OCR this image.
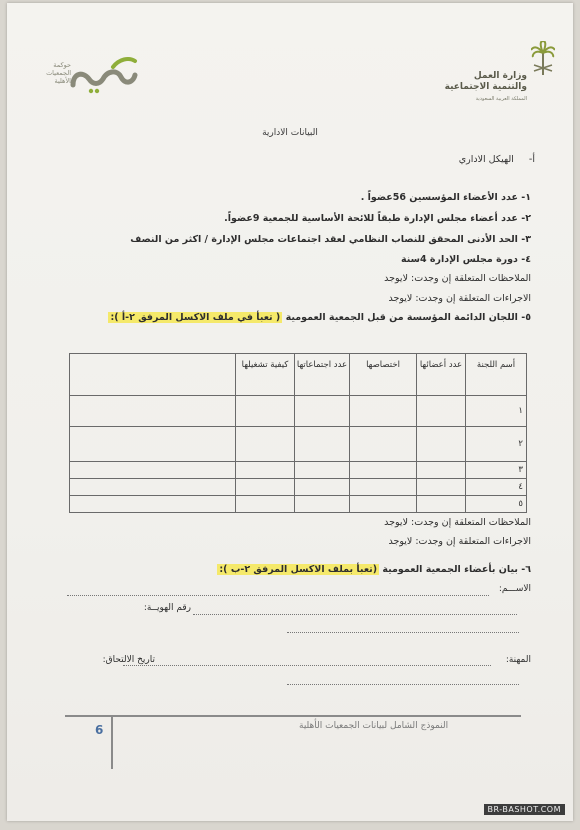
وزارة العمل
والتنمية الاجتماعية
المملكة العربية السعودية
حوكمة الجمعيات الأهلية
البيانات الادارية
أ- الهيكل الاداري
١- عدد الأعضاء المؤسسين 56عضواً .
٢- عدد أعضاء مجلس الإدارة طبقاً للائحة الأساسية للجمعية 9عضواً.
٣- الحد الأدنى المحقق للنصاب النظامي لعقد اجتماعات مجلس الإدارة / اكثر من النصف
٤- دورة مجلس الإدارة 4سنة
الملاحظات المتعلقة إن وجدت: لايوجد
الاجراءات المتعلقة إن وجدت: لايوجد
٥- اللجان الدائمة المؤسسة من قبل الجمعية العمومية ( تعبأ في ملف الاكسل المرفق ٢-أ ):
أسم اللجنة	عدد أعضائها	اختصاصها	عدد اجتماعاتها	كيفية تشغيلها	
١					
٢					
٣					
٤					
٥					
الملاحظات المتعلقة إن وجدت: لايوجد
الاجراءات المتعلقة إن وجدت: لايوجد
٦- بيان بأعضاء الجمعية العمومية (تعبأ بملف الاكسل المرفق ٢-ب ):
الاســـم:
رقم الهويــة:
المهنة:
تاريخ الالتحاق:
النموذج الشامل لبيانات الجمعيات الأهلية
6
BR-BASHOT.COM
